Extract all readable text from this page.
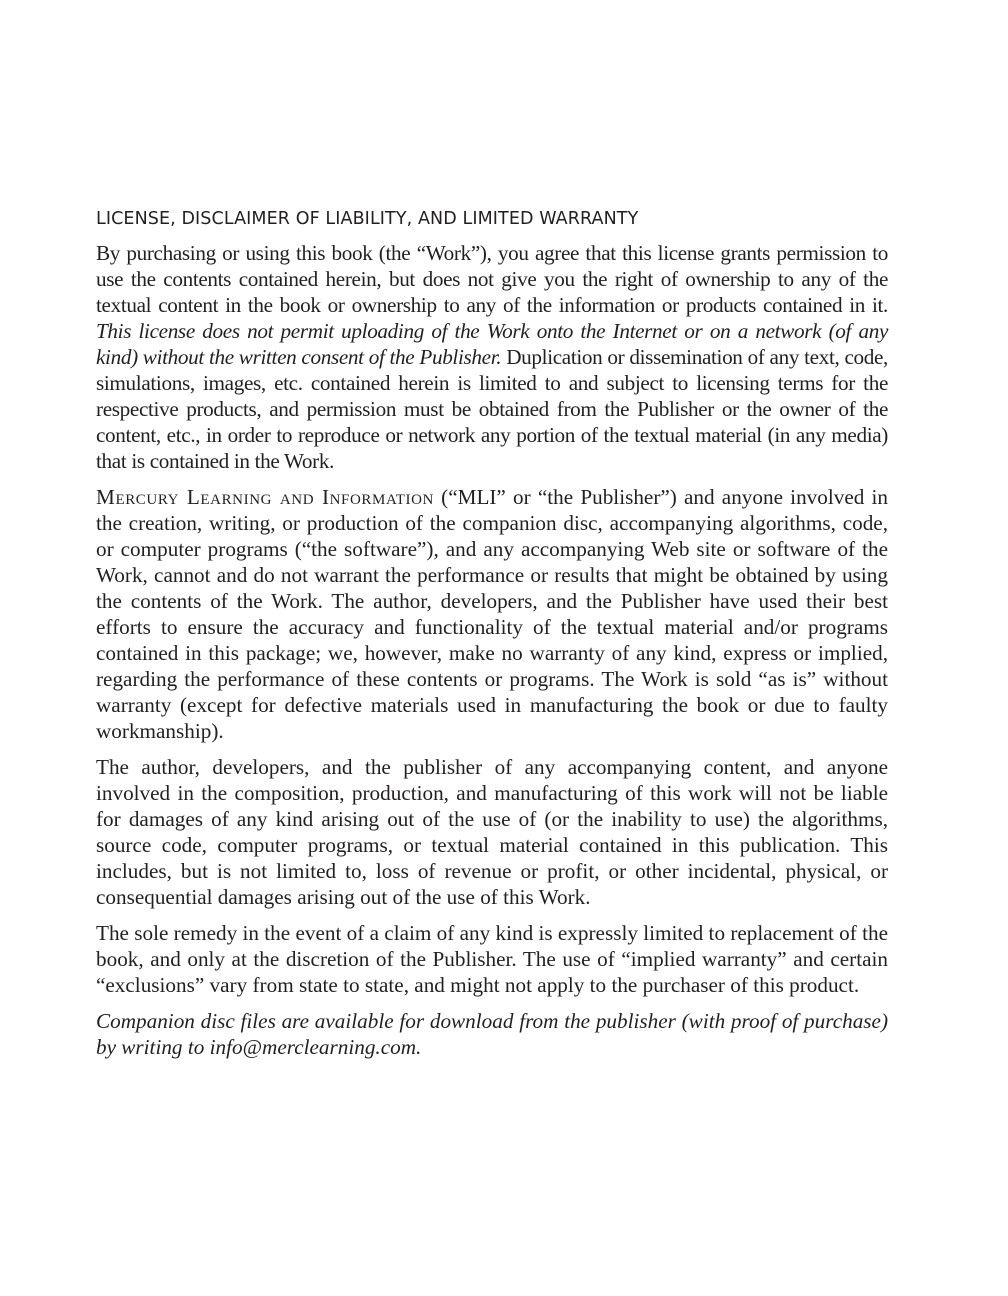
LICENSE, DISCLAIMER OF LIABILITY, AND LIMITED WARRANTY

By purchasing or using this book (the “Work”), you agree that this license grants permission to use the contents contained herein, but does not give you the right of ownership to any of the textual content in the book or ownership to any of the information or products contained in it. This license does not permit uploading of the Work onto the Internet or on a network (of any kind) without the written consent of the Publisher. Duplication or dissemination of any text, code, simulations, images, etc. contained herein is limited to and subject to licensing terms for the respective products, and permission must be obtained from the Publisher or the owner of the content, etc., in order to reproduce or network any portion of the textual material (in any media) that is contained in the Work.

Mercury Learning and Information (“MLI” or “the Publisher”) and anyone involved in the creation, writing, or production of the companion disc, accompanying algorithms, code, or computer programs (“the software”), and any accompanying Web site or software of the Work, cannot and do not warrant the performance or results that might be obtained by using the contents of the Work. The author, developers, and the Publisher have used their best efforts to ensure the accuracy and functionality of the textual material and/or programs contained in this package; we, however, make no warranty of any kind, express or implied, regarding the performance of these contents or programs. The Work is sold “as is” without warranty (except for defective materials used in manufacturing the book or due to faulty workmanship).

The author, developers, and the publisher of any accompanying content, and anyone involved in the composition, production, and manufacturing of this work will not be liable for damages of any kind arising out of the use of (or the inability to use) the algorithms, source code, computer programs, or textual material contained in this publication. This includes, but is not limited to, loss of revenue or profit, or other incidental, physical, or consequential damages arising out of the use of this Work.

The sole remedy in the event of a claim of any kind is expressly limited to replacement of the book, and only at the discretion of the Publisher. The use of “implied warranty” and certain “exclusions” vary from state to state, and might not apply to the purchaser of this product.

Companion disc files are available for download from the publisher (with proof of purchase) by writing to info@merclearning.com.
